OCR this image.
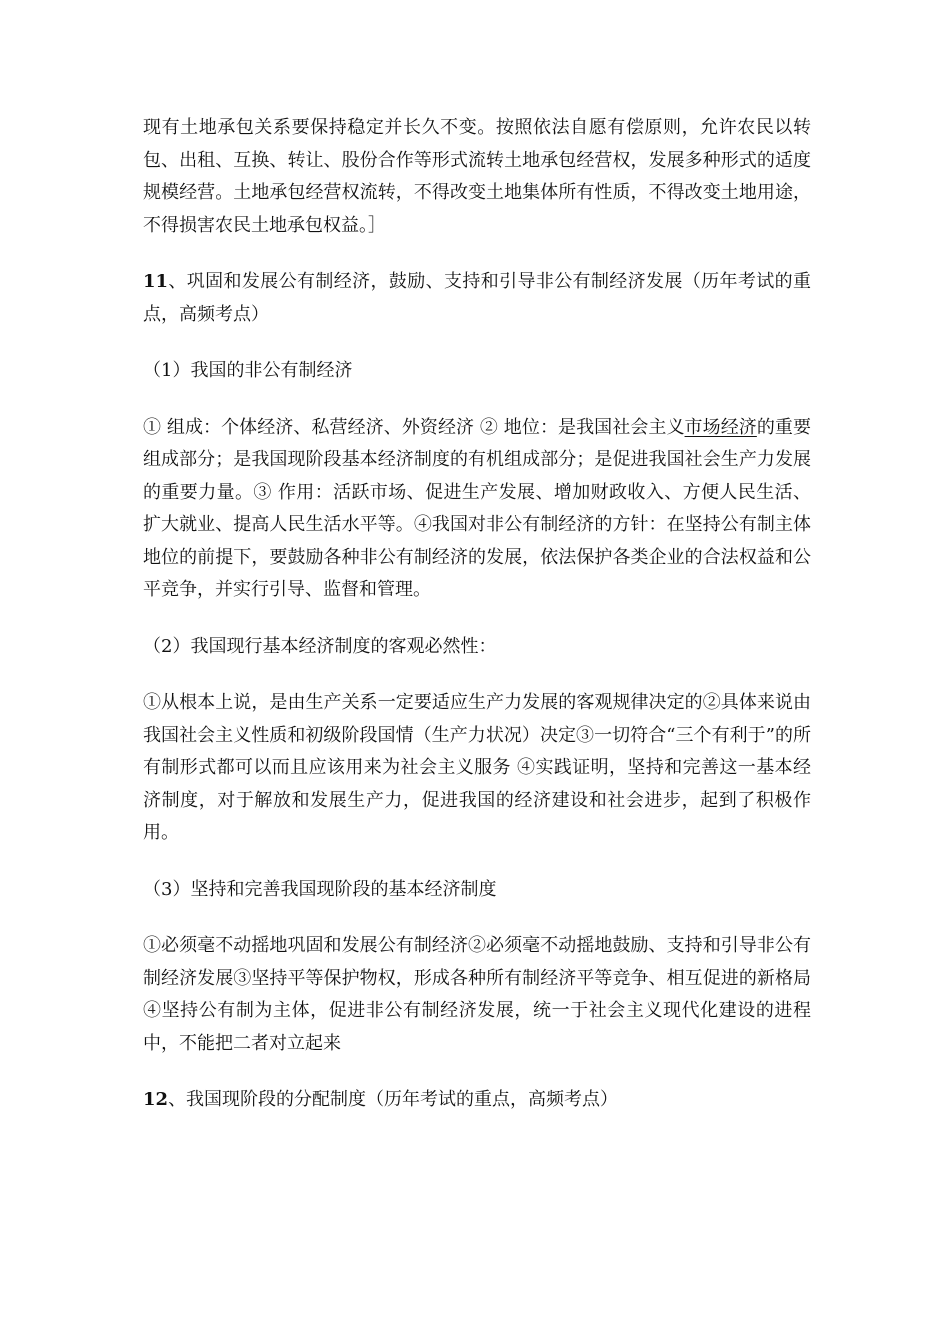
现有土地承包关系要保持稳定并长久不变。按照依法自愿有偿原则，允许农民以转包、出租、互换、转让、股份合作等形式流转土地承包经营权，发展多种形式的适度规模经营。土地承包经营权流转，不得改变土地集体所有性质，不得改变土地用途，不得损害农民土地承包权益。］

11、巩固和发展公有制经济，鼓励、支持和引导非公有制经济发展（历年考试的重点，高频考点）

（1）我国的非公有制经济

① 组成：个体经济、私营经济、外资经济 ② 地位：是我国社会主义市场经济的重要组成部分；是我国现阶段基本经济制度的有机组成部分；是促进我国社会生产力发展的重要力量。③ 作用：活跃市场、促进生产发展、增加财政收入、方便人民生活、扩大就业、提高人民生活水平等。④我国对非公有制经济的方针：在坚持公有制主体地位的前提下，要鼓励各种非公有制经济的发展，依法保护各类企业的合法权益和公平竞争，并实行引导、监督和管理。

（2）我国现行基本经济制度的客观必然性：

①从根本上说，是由生产关系一定要适应生产力发展的客观规律决定的②具体来说由我国社会主义性质和初级阶段国情（生产力状况）决定③一切符合“三个有利于”的所有制形式都可以而且应该用来为社会主义服务 ④实践证明，坚持和完善这一基本经济制度，对于解放和发展生产力，促进我国的经济建设和社会进步，起到了积极作用。

（3）坚持和完善我国现阶段的基本经济制度

①必须毫不动摇地巩固和发展公有制经济②必须毫不动摇地鼓励、支持和引导非公有制经济发展③坚持平等保护物权，形成各种所有制经济平等竞争、相互促进的新格局④坚持公有制为主体，促进非公有制经济发展，统一于社会主义现代化建设的进程中，不能把二者对立起来

12、我国现阶段的分配制度（历年考试的重点，高频考点）
